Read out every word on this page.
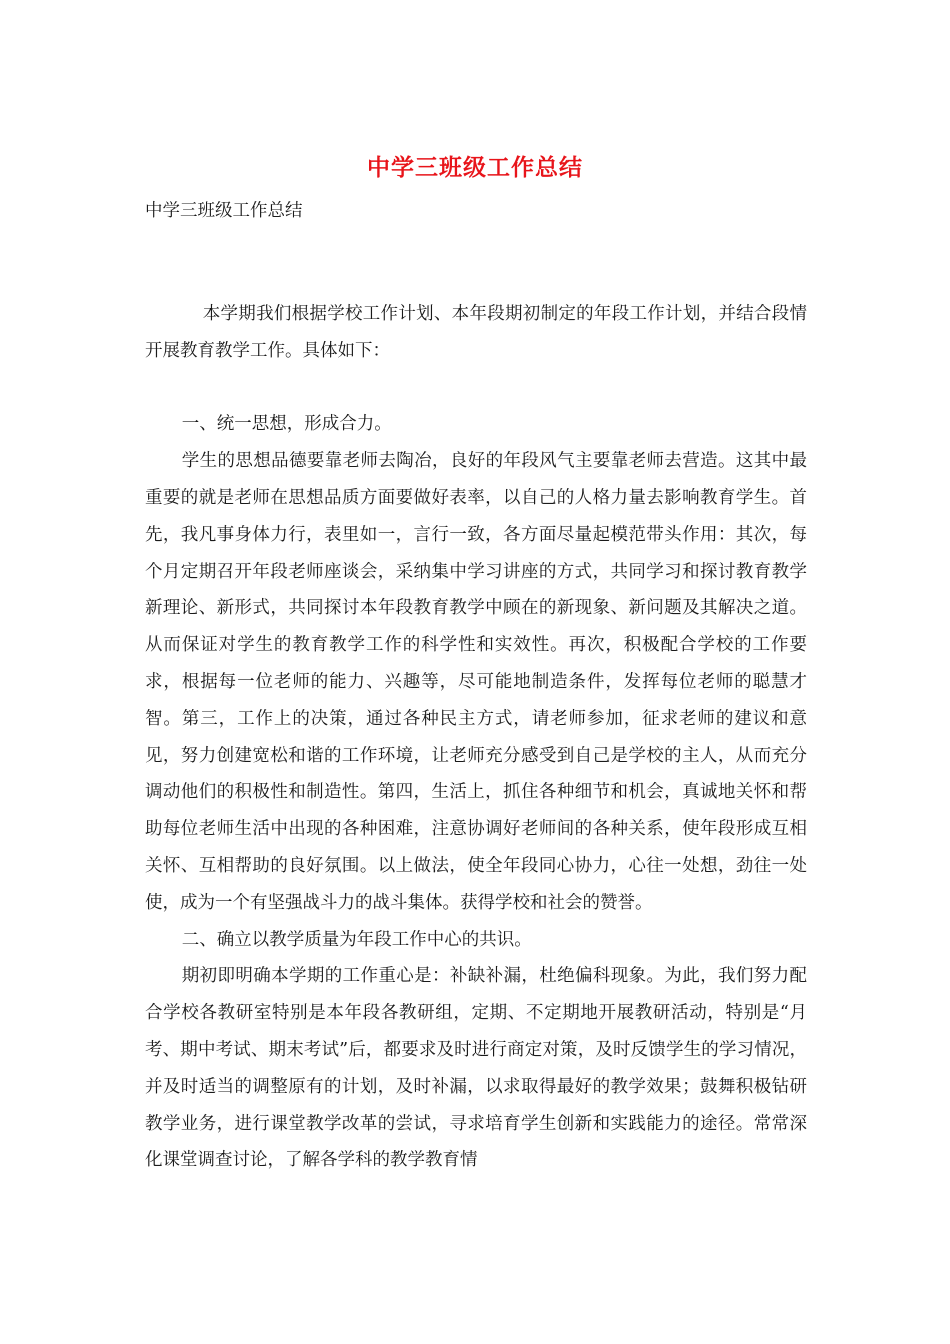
中学三班级工作总结
中学三班级工作总结

本学期我们根据学校工作计划、本年段期初制定的年段工作计划，并结合段情开展教育教学工作。具体如下：

一、统一思想，形成合力。

学生的思想品德要靠老师去陶冶，良好的年段风气主要靠老师去营造。这其中最重要的就是老师在思想品质方面要做好表率，以自己的人格力量去影响教育学生。首先，我凡事身体力行，表里如一，言行一致，各方面尽量起模范带头作用：其次，每个月定期召开年段老师座谈会，采纳集中学习讲座的方式，共同学习和探讨教育教学新理论、新形式，共同探讨本年段教育教学中顾在的新现象、新问题及其解决之道。从而保证对学生的教育教学工作的科学性和实效性。再次，积极配合学校的工作要求，根据每一位老师的能力、兴趣等，尽可能地制造条件，发挥每位老师的聪慧才智。第三，工作上的决策，通过各种民主方式，请老师参加，征求老师的建议和意见，努力创建宽松和谐的工作环境，让老师充分感受到自己是学校的主人，从而充分调动他们的积极性和制造性。第四，生活上，抓住各种细节和机会，真诚地关怀和帮助每位老师生活中出现的各种困难，注意协调好老师间的各种关系，使年段形成互相关怀、互相帮助的良好氛围。以上做法，使全年段同心协力，心往一处想，劲往一处使，成为一个有坚强战斗力的战斗集体。获得学校和社会的赞誉。

二、确立以教学质量为年段工作中心的共识。

期初即明确本学期的工作重心是：补缺补漏，杜绝偏科现象。为此，我们努力配合学校各教研室特别是本年段各教研组，定期、不定期地开展教研活动，特别是“月考、期中考试、期末考试”后，都要求及时进行商定对策，及时反馈学生的学习情况，并及时适当的调整原有的计划，及时补漏，以求取得最好的教学效果；鼓舞积极钻研教学业务，进行课堂教学改革的尝试，寻求培育学生创新和实践能力的途径。常常深化课堂调查讨论，了解各学科的教学教育情
